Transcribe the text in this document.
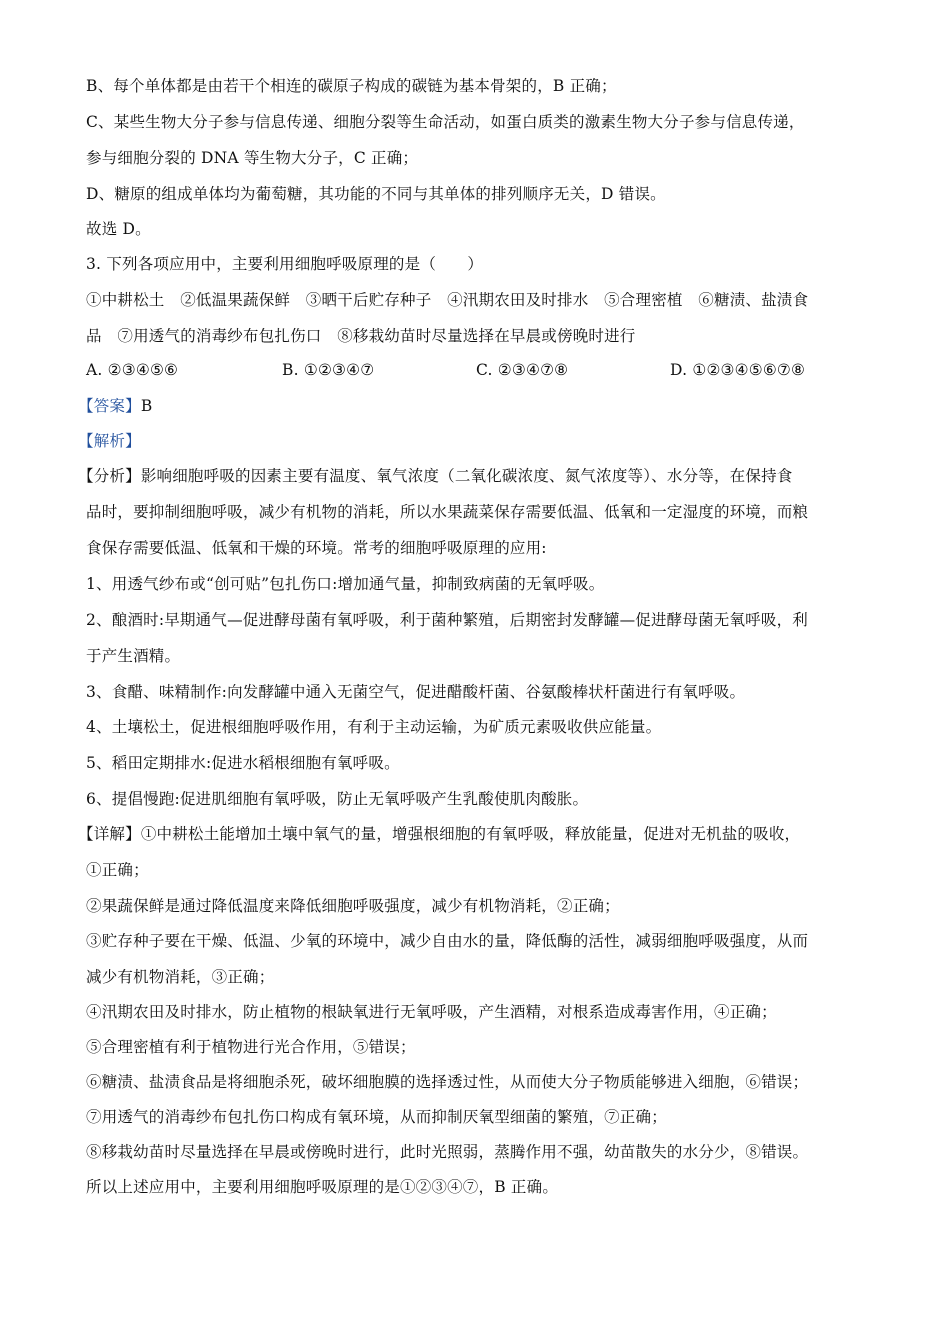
B、每个单体都是由若干个相连的碳原子构成的碳链为基本骨架的，B 正确；
C、某些生物大分子参与信息传递、细胞分裂等生命活动，如蛋白质类的激素生物大分子参与信息传递，
参与细胞分裂的 DNA 等生物大分子，C 正确；
D、糖原的组成单体均为葡萄糖，其功能的不同与其单体的排列顺序无关，D 错误。
故选 D。
3. 下列各项应用中，主要利用细胞呼吸原理的是（　　）
①中耕松土　②低温果蔬保鲜　③晒干后贮存种子　④汛期农田及时排水　⑤合理密植　⑥糖渍、盐渍食
品　⑦用透气的消毒纱布包扎伤口　⑧移栽幼苗时尽量选择在早晨或傍晚时进行
A. ②③④⑤⑥	B. ①②③④⑦	C. ②③④⑦⑧	D. ①②③④⑤⑥⑦⑧
【答案】B
【解析】
【分析】影响细胞呼吸的因素主要有温度、氧气浓度（二氧化碳浓度、氮气浓度等）、水分等，在保持食
品时，要抑制细胞呼吸，减少有机物的消耗，所以水果蔬菜保存需要低温、低氧和一定湿度的环境，而粮
食保存需要低温、低氧和干燥的环境。常考的细胞呼吸原理的应用:
1、用透气纱布或“创可贴”包扎伤口:增加通气量，抑制致病菌的无氧呼吸。
2、酿酒时:早期通气—促进酵母菌有氧呼吸，利于菌种繁殖，后期密封发酵罐—促进酵母菌无氧呼吸，利
于产生酒精。
3、食醋、味精制作:向发酵罐中通入无菌空气，促进醋酸杆菌、谷氨酸棒状杆菌进行有氧呼吸。
4、土壤松土，促进根细胞呼吸作用，有利于主动运输，为矿质元素吸收供应能量。
5、稻田定期排水:促进水稻根细胞有氧呼吸。
6、提倡慢跑:促进肌细胞有氧呼吸，防止无氧呼吸产生乳酸使肌肉酸胀。
【详解】①中耕松土能增加土壤中氧气的量，增强根细胞的有氧呼吸，释放能量，促进对无机盐的吸收，
①正确；
②果蔬保鲜是通过降低温度来降低细胞呼吸强度，减少有机物消耗，②正确；
③贮存种子要在干燥、低温、少氧的环境中，减少自由水的量，降低酶的活性，减弱细胞呼吸强度，从而
减少有机物消耗，③正确；
④汛期农田及时排水，防止植物的根缺氧进行无氧呼吸，产生酒精，对根系造成毒害作用，④正确；
⑤合理密植有利于植物进行光合作用，⑤错误；
⑥糖渍、盐渍食品是将细胞杀死，破坏细胞膜的选择透过性，从而使大分子物质能够进入细胞，⑥错误；
⑦用透气的消毒纱布包扎伤口构成有氧环境，从而抑制厌氧型细菌的繁殖，⑦正确；
⑧移栽幼苗时尽量选择在早晨或傍晚时进行，此时光照弱，蒸腾作用不强，幼苗散失的水分少，⑧错误。
所以上述应用中，主要利用细胞呼吸原理的是①②③④⑦，B 正确。
